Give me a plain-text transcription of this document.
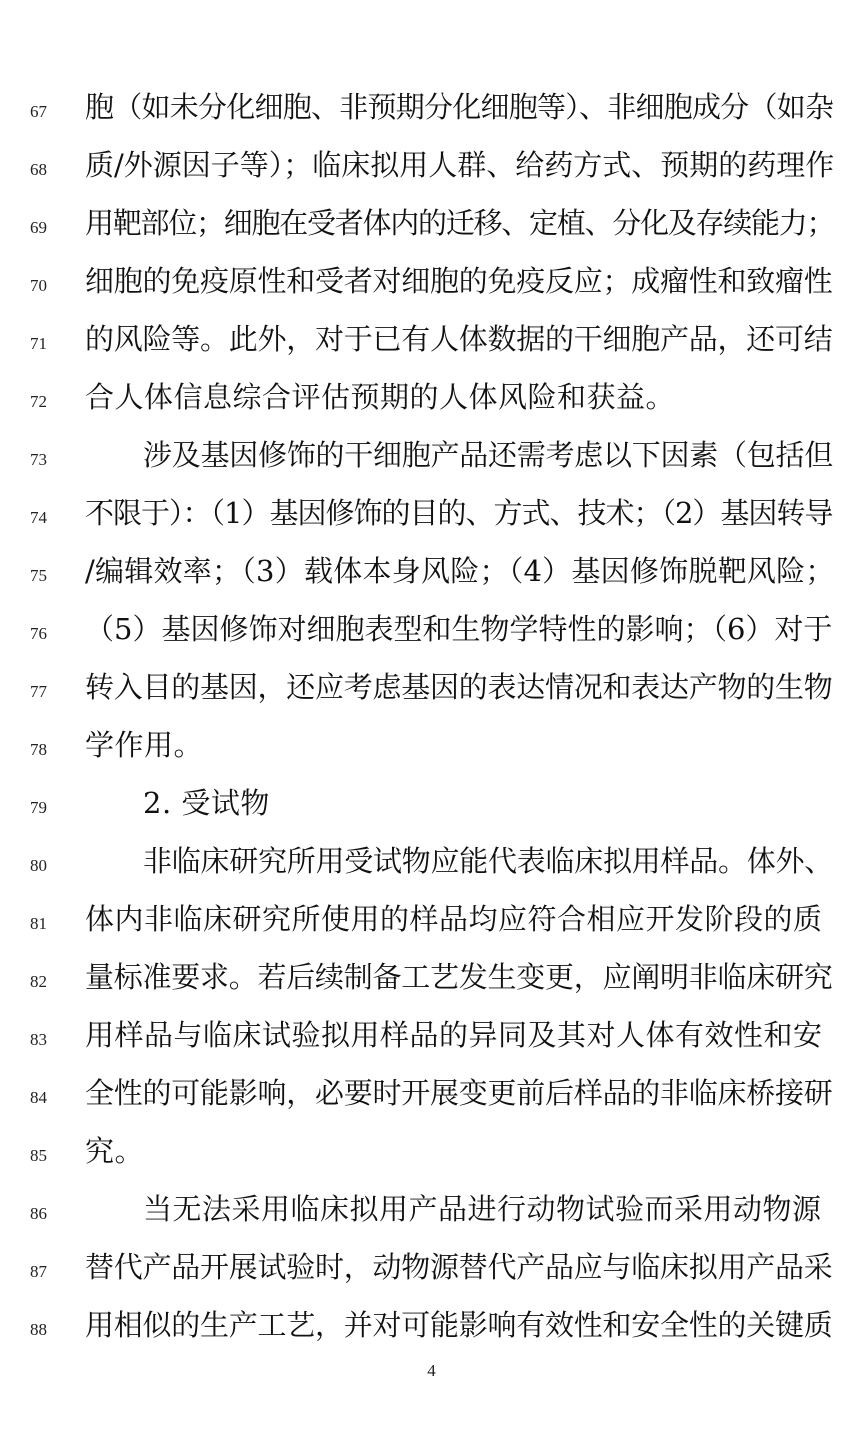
67 胞（如未分化细胞、非预期分化细胞等）、非细胞成分（如杂
68 质/外源因子等）；临床拟用人群、给药方式、预期的药理作
69 用靶部位；细胞在受者体内的迁移、定植、分化及存续能力；
70 细胞的免疫原性和受者对细胞的免疫反应；成瘤性和致瘤性
71 的风险等。此外，对于已有人体数据的干细胞产品，还可结
72 合人体信息综合评估预期的人体风险和获益。
73	涉及基因修饰的干细胞产品还需考虑以下因素（包括但
74 不限于）：（1）基因修饰的目的、方式、技术；（2）基因转导
75 /编辑效率；（3）载体本身风险；（4）基因修饰脱靶风险；
76 （5）基因修饰对细胞表型和生物学特性的影响；（6）对于
77 转入目的基因，还应考虑基因的表达情况和表达产物的生物
78 学作用。
79	2. 受试物
80	非临床研究所用受试物应能代表临床拟用样品。体外、
81 体内非临床研究所使用的样品均应符合相应开发阶段的质
82 量标准要求。若后续制备工艺发生变更，应阐明非临床研究
83 用样品与临床试验拟用样品的异同及其对人体有效性和安
84 全性的可能影响，必要时开展变更前后样品的非临床桥接研
85 究。
86	当无法采用临床拟用产品进行动物试验而采用动物源
87 替代产品开展试验时，动物源替代产品应与临床拟用产品采
88 用相似的生产工艺，并对可能影响有效性和安全性的关键质
4
